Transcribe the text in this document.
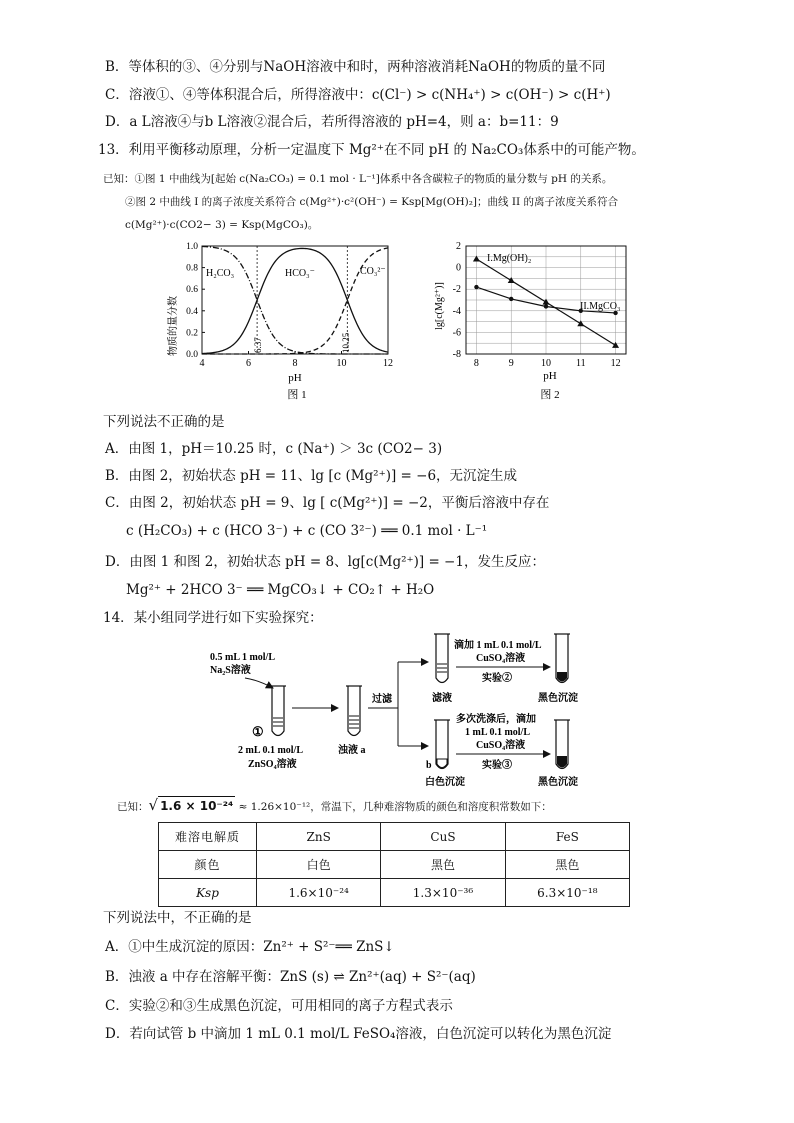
B．等体积的③、④分别与NaOH溶液中和时，两种溶液消耗NaOH的物质的量不同
C．溶液①、④等体积混合后，所得溶液中：c(Cl⁻) > c(NH₄⁺) > c(OH⁻) > c(H⁺)
D．a L溶液④与b L溶液②混合后，若所得溶液的 pH=4，则 a：b=11：9
13．利用平衡移动原理，分析一定温度下 Mg²⁺在不同 pH 的 Na₂CO₃体系中的可能产物。
已知：①图 1 中曲线为[起始 c(Na₂CO₃) = 0.1 mol · L⁻¹]体系中各含碳粒子的物质的量分数与 pH 的关系。
②图 2 中曲线 I 的离子浓度关系符合 c(Mg²⁺)·c²(OH⁻) = Ksp[Mg(OH)₂]；曲线 II 的离子浓度关系符合
c(Mg²⁺)·c(CO2− 3) = Ksp(MgCO₃)。
4	6	8	10	12
0.0
0.2
0.4
0.6
0.8
1.0
物质的量分数
pH
图 1
H₂CO₃	HCO₃⁻	CO₃²⁻
6.37	10.25
8	9	10 11 12
2
0
-2
-4
-6
-8
lg[c(Mg²⁺)]
pH
图 2
I.Mg(OH)₂
II.MgCO₃
下列说法不正确的是
A．由图 1，pH＝10.25 时，c (Na⁺) ＞ 3c (CO2− 3)
B．由图 2，初始状态 pH = 11、lg [c (Mg²⁺)] = −6，无沉淀生成
C．由图 2，初始状态 pH = 9、lg [ c(Mg²⁺)] = −2，平衡后溶液中存在
c (H₂CO₃) + c (HCO 3⁻) + c (CO 3²⁻) ══ 0.1 mol · L⁻¹
D．由图 1 和图 2，初始状态 pH = 8、lg[c(Mg²⁺)] = −1，发生反应：
Mg²⁺ + 2HCO 3⁻ ══ MgCO₃↓ + CO₂↑ + H₂O
14．某小组同学进行如下实验探究：
0.5 mL 1 mol/L
Na₂S溶液
①
2 mL 0.1 mol/L
ZnSO₄溶液
浊液 a
过滤	滤液
滴加 1 mL 0.1 mol/L
CuSO₄溶液
实验②
黑色沉淀
b
白色沉淀
多次洗涤后，滴加
1 mL 0.1 mol/L
CuSO₄溶液
实验③
黑色沉淀
已知：√ 1.6 × 10⁻²⁴ ≈ 1.26×10⁻¹²，常温下，几种难溶物质的颜色和溶度积常数如下：
难溶电解质	ZnS	CuS	FeS
颜色	白色	黑色	黑色
Ksp	1.6×10⁻²⁴	1.3×10⁻³⁶	6.3×10⁻¹⁸
下列说法中，不正确的是
A．①中生成沉淀的原因：Zn²⁺ + S²⁻══ ZnS↓
B．浊液 a 中存在溶解平衡：ZnS (s) ⇌ Zn²⁺(aq) + S²⁻(aq)
C．实验②和③生成黑色沉淀，可用相同的离子方程式表示
D．若向试管 b 中滴加 1 mL 0.1 mol/L FeSO₄溶液，白色沉淀可以转化为黑色沉淀
